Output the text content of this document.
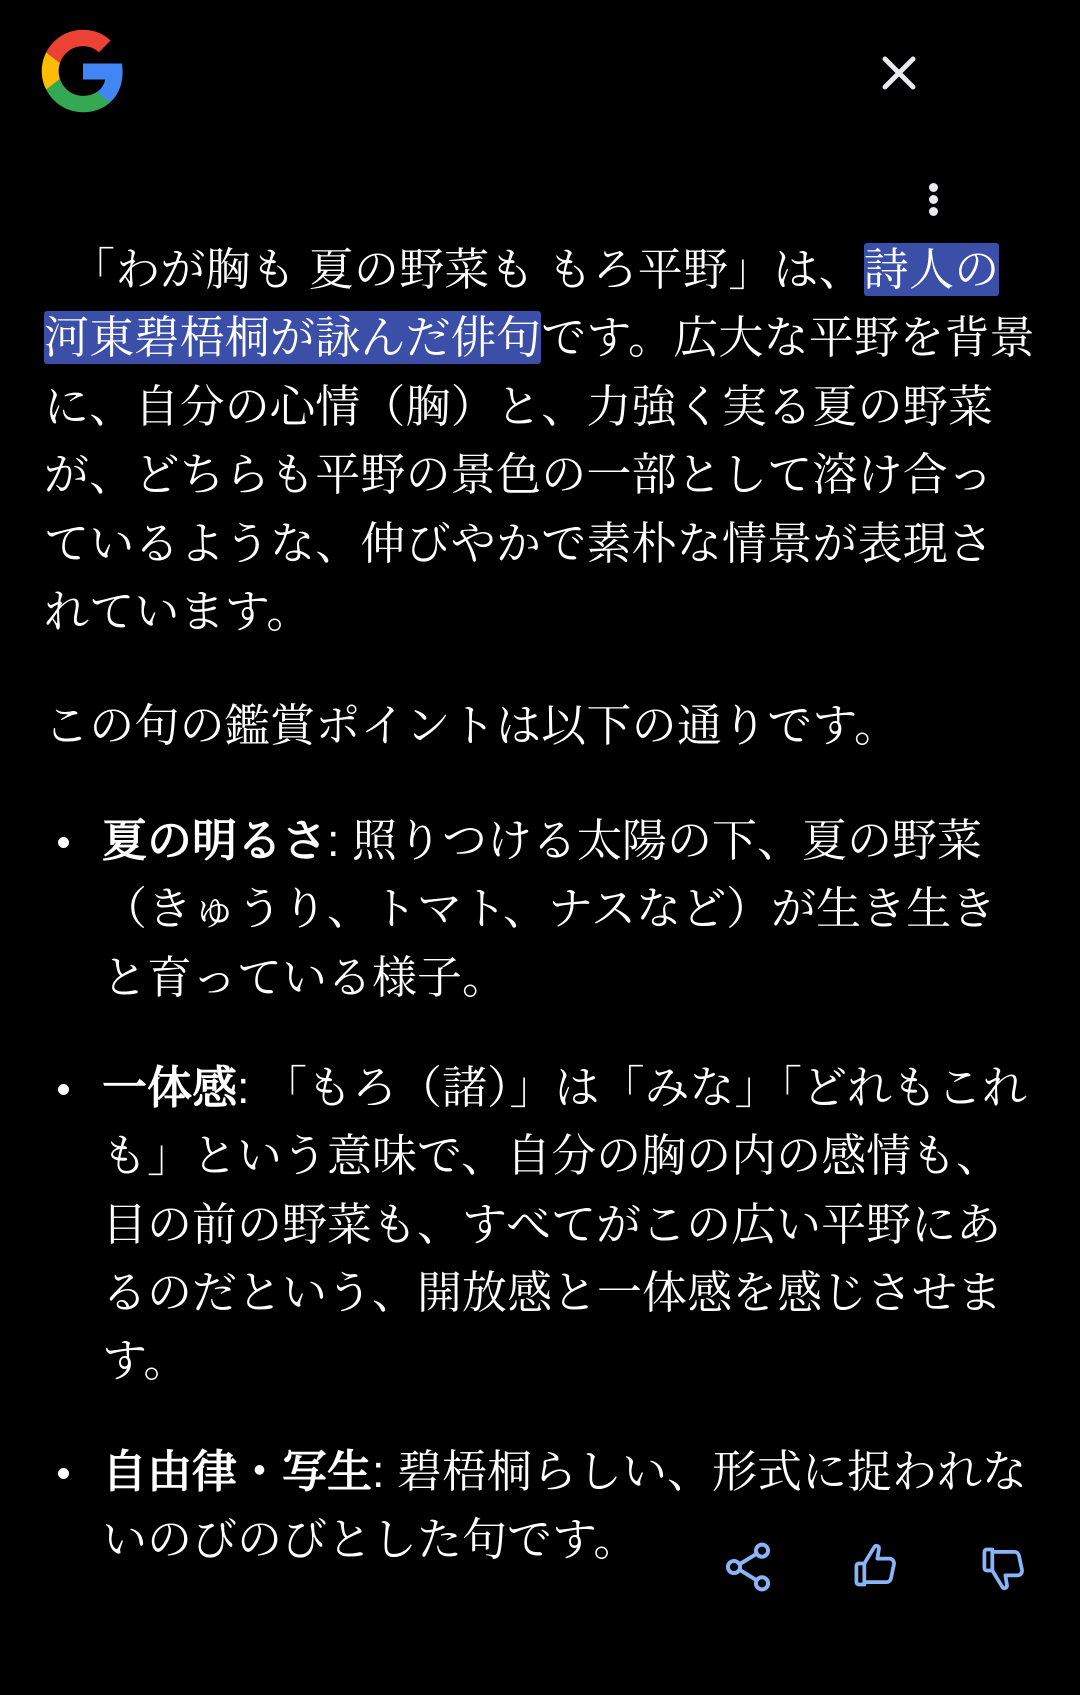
「わが胸も 夏の野菜も もろ平野」は、詩人の河東碧梧桐が詠んだ俳句です。広大な平野を背景に、自分の心情（胸）と、力強く実る夏の野菜が、どちらも平野の景色の一部として溶け合っているような、伸びやかで素朴な情景が表現されています。

この句の鑑賞ポイントは以下の通りです。

夏の明るさ: 照りつける太陽の下、夏の野菜（きゅうり、トマト、ナスなど）が生き生きと育っている様子。
一体感: 「もろ（諸）」は「みな」「どれもこれも」という意味で、自分の胸の内の感情も、目の前の野菜も、すべてがこの広い平野にあるのだという、開放感と一体感を感じさせます。
自由律・写生: 碧梧桐らしい、形式に捉われないのびのびとした句です。
